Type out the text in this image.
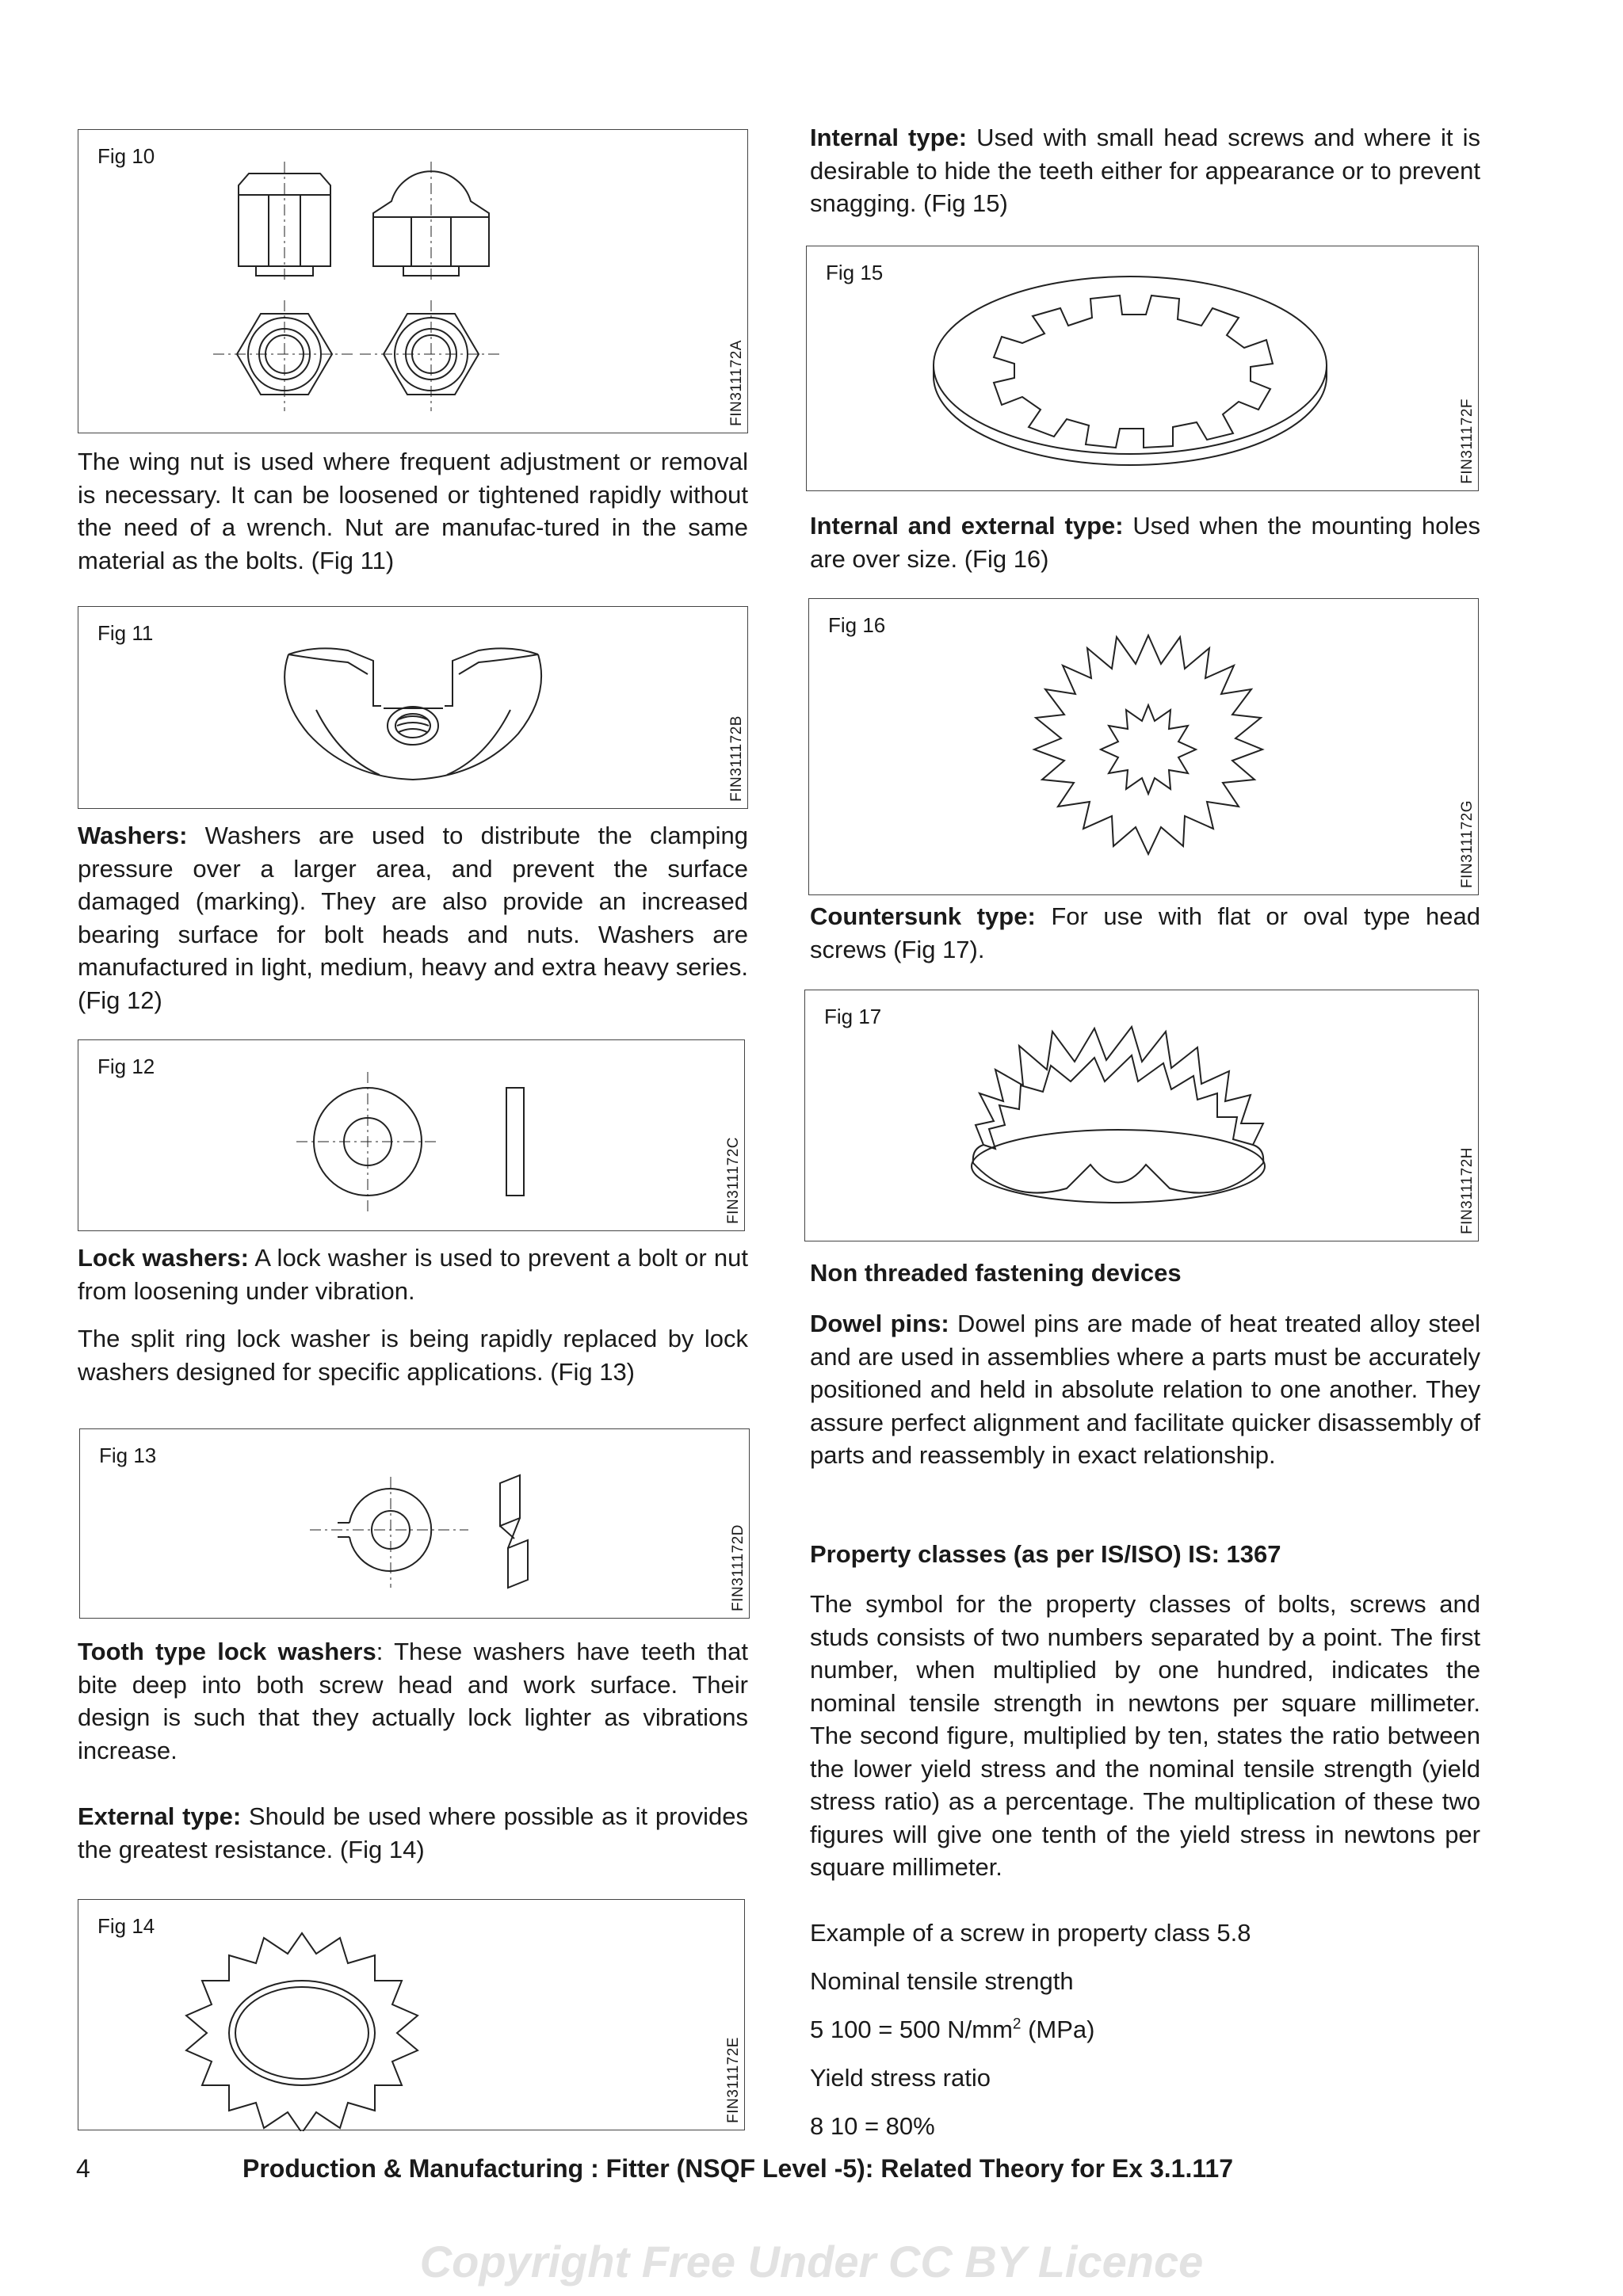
Fig 10
FIN311172A

The wing nut is used where frequent adjustment or removal is necessary. It can be loosened or tightened rapidly without the need of a wrench. Nut are manufac-tured in the same material as the bolts. (Fig 11)

Fig 11
FIN311172B

Washers: Washers are used to distribute the clamping pressure over a larger area, and prevent the surface damaged (marking). They are also provide an increased bearing surface for bolt heads and nuts. Washers are manufactured in light, medium, heavy and extra heavy series. (Fig 12)

Fig 12
FIN311172C

Lock washers: A lock washer is used to prevent a bolt or nut from loosening under vibration.

The split ring lock washer is being rapidly replaced by lock washers designed for specific applications. (Fig 13)

Fig 13
FIN311172D

Tooth type lock washers: These washers have teeth that bite deep into both screw head and work surface. Their design is such that they actually lock lighter as vibrations increase.

External type: Should be used where possible as it provides the greatest resistance. (Fig 14)

Fig 14
FIN311172E

Internal type: Used with small head screws and where it is desirable to hide the teeth either for appearance or to prevent snagging. (Fig 15)

Fig 15
FIN311172F

Internal and external type: Used when the mounting holes are over size. (Fig 16)

Fig 16
FIN311172G

Countersunk type: For use with flat or oval type head screws (Fig 17).

Fig 17
FIN311172H
Non threaded fastening devices

Dowel pins: Dowel pins are made of heat treated alloy steel and are used in assemblies where a parts must be accurately positioned and held in absolute relation to one another. They assure perfect alignment and facilitate quicker disassembly of parts and reassembly in exact relationship.

Property classes (as per IS/ISO) IS: 1367

The symbol for the property classes of bolts, screws and studs consists of two numbers separated by a point. The first number, when multiplied by one hundred, indicates the nominal tensile strength in newtons per square millimeter. The second figure, multiplied by ten, states the ratio between the lower yield stress and the nominal tensile strength (yield stress ratio) as a percentage. The multiplication of these two figures will give one tenth of the yield stress in newtons per square millimeter.

Example of a screw in property class 5.8

Nominal tensile strength

5 100 = 500 $N/mm^2$ (MPa)

Yield stress ratio

8 10 = 80%

4	Production & Manufacturing : Fitter (NSQF Level -5): Related Theory for Ex 3.1.117
Copyright Free Under CC BY Licence
